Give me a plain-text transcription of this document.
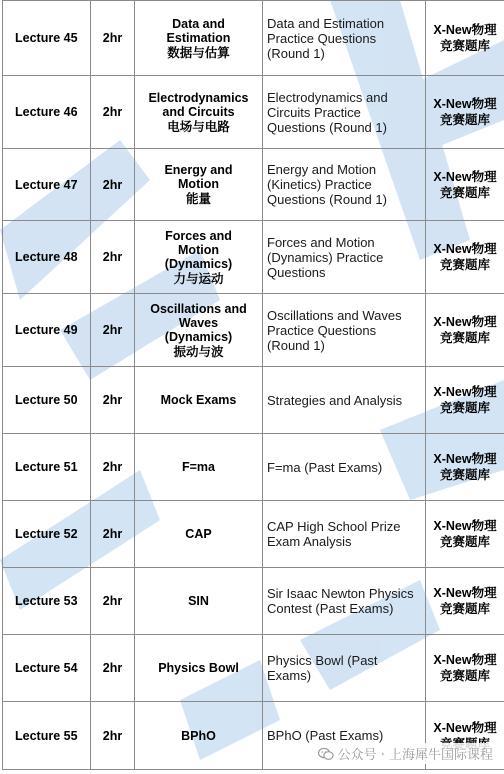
Lecture 45	2hr	Data and
Estimation
数据与估算	Data and Estimation
Practice Questions
(Round 1)	X-New物理
竞赛题库
Lecture 46	2hr	Electrodynamics
and Circuits
电场与电路	Electrodynamics and
Circuits Practice
Questions (Round 1)	X-New物理
竞赛题库
Lecture 47	2hr	Energy and
Motion
能量	Energy and Motion
(Kinetics) Practice
Questions (Round 1)	X-New物理
竞赛题库
Lecture 48	2hr	Forces and
Motion
(Dynamics)
力与运动	Forces and Motion
(Dynamics) Practice
Questions	X-New物理
竞赛题库
Lecture 49	2hr	Oscillations and
Waves
(Dynamics)
振动与波	Oscillations and Waves
Practice Questions
(Round 1)	X-New物理
竞赛题库
Lecture 50	2hr	Mock Exams	Strategies and Analysis	X-New物理
竞赛题库
Lecture 51	2hr	F=ma	F=ma (Past Exams)	X-New物理
竞赛题库
Lecture 52	2hr	CAP	CAP High School Prize
Exam Analysis	X-New物理
竞赛题库
Lecture 53	2hr	SIN	Sir Isaac Newton Physics
Contest (Past Exams)	X-New物理
竞赛题库
Lecture 54	2hr	Physics Bowl	Physics Bowl (Past
Exams)	X-New物理
竞赛题库
Lecture 55	2hr	BPhO	BPhO (Past Exams)	X-New物理

公众号 · 上海犀牛国际课程
